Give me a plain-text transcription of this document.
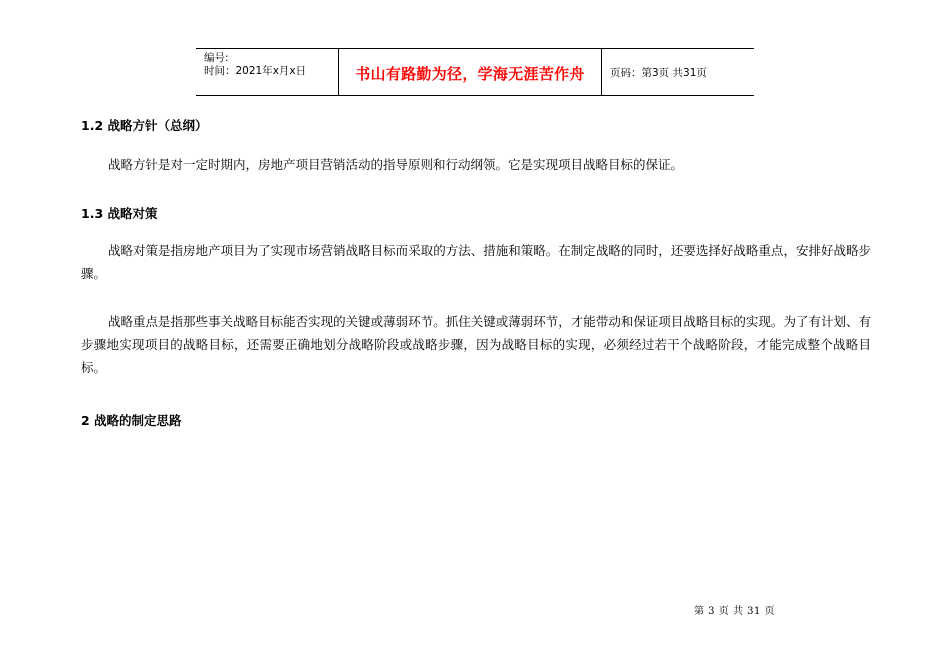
编号:
时间：2021年x月x日	书山有路勤为径，学海无涯苦作舟	页码：第3页 共31页
1.2 战略方针（总纲）
战略方针是对一定时期内，房地产项目营销活动的指导原则和行动纲领。它是实现项目战略目标的保证。
1.3 战略对策
战略对策是指房地产项目为了实现市场营销战略目标而采取的方法、措施和策略。在制定战略的同时，还要选择好战略重点，安排好战略步骤。
战略重点是指那些事关战略目标能否实现的关键或薄弱环节。抓住关键或薄弱环节，才能带动和保证项目战略目标的实现。为了有计划、有步骤地实现项目的战略目标，还需要正确地划分战略阶段或战略步骤，因为战略目标的实现，必须经过若干个战略阶段，才能完成整个战略目标。
2 战略的制定思路
第 3 页 共 31 页
